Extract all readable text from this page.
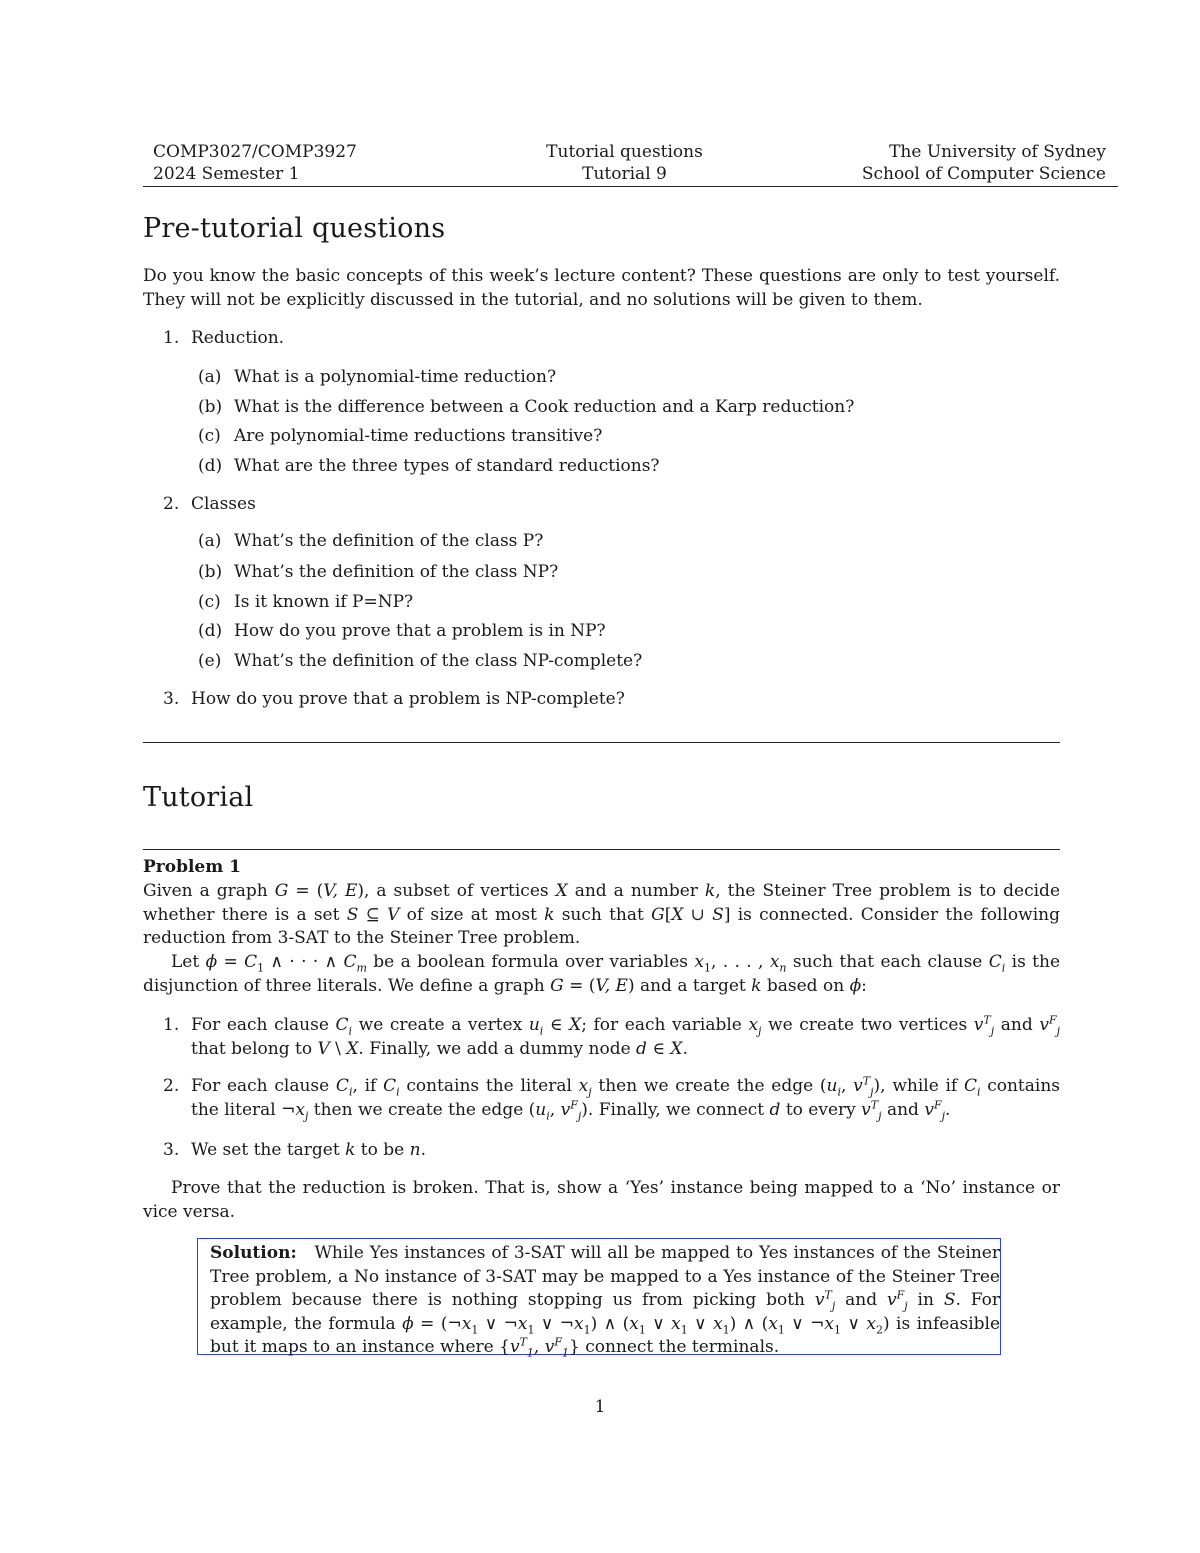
COMP3027/COMP3927	Tutorial questions	The University of Sydney
2024 Semester 1	Tutorial 9	School of Computer Science
Pre-tutorial questions
Do you know the basic concepts of this week’s lecture content? These questions are only to test yourself. They will not be explicitly discussed in the tutorial, and no solutions will be given to them.
1. Reduction.
(a) What is a polynomial-time reduction?
(b) What is the difference between a Cook reduction and a Karp reduction?
(c) Are polynomial-time reductions transitive?
(d) What are the three types of standard reductions?
2. Classes
(a) What’s the definition of the class P?
(b) What’s the definition of the class NP?
(c) Is it known if P=NP?
(d) How do you prove that a problem is in NP?
(e) What’s the definition of the class NP-complete?
3. How do you prove that a problem is NP-complete?
Tutorial
Problem 1
Given a graph G = (V, E), a subset of vertices X and a number k, the Steiner Tree problem is to decide whether there is a set S ⊆ V of size at most k such that G[X ∪ S] is connected. Consider the following reduction from 3-SAT to the Steiner Tree problem.
Let $\phi = C_1$ ∧ · · · ∧ $C_m$ be a boolean formula over variables $x_1$, . . . , $x_n$ such that each clause $C_i$ is the disjunction of three literals. We define a graph G = (V, E) and a target k based on ϕ:
1. For each clause $C_i$ we create a vertex $u_i$ ∈ X; for each variable $x_j$ we create two vertices $v^T_j$ and $v^F_j$ that belong to V \ X. Finally, we add a dummy node d ∈ X.
2. For each clause $C_i$, if $C_i$ contains the literal $x_j$ then we create the edge ($u_i$, $v^T_j$), while if $C_i$ contains the literal $\neg x_j$ then we create the edge ($u_i$, $v^F_j$). Finally, we connect d to every $v^T_j$ and $v^F_j$.
3. We set the target k to be n.
Prove that the reduction is broken. That is, show a ‘Yes’ instance being mapped to a ‘No’ instance or vice versa.
Solution:   While Yes instances of 3-SAT will all be mapped to Yes instances of the Steiner Tree problem, a No instance of 3-SAT may be mapped to a Yes instance of the Steiner Tree problem because there is nothing stopping us from picking both $v^T_j$ and $v^F_j$ in S. For example, the formula $\phi = (\neg x_1$ ∨ $\neg x_1$ ∨ $\neg x_1$) ∧ ($x_1$ ∨ $x_1$ ∨ $x_1$) ∧ ($x_1$ ∨ $\neg x_1$ ∨ $x_2$) is infeasible but it maps to an instance where {$v^T_1$, $v^F_1$} connect the terminals.
1
